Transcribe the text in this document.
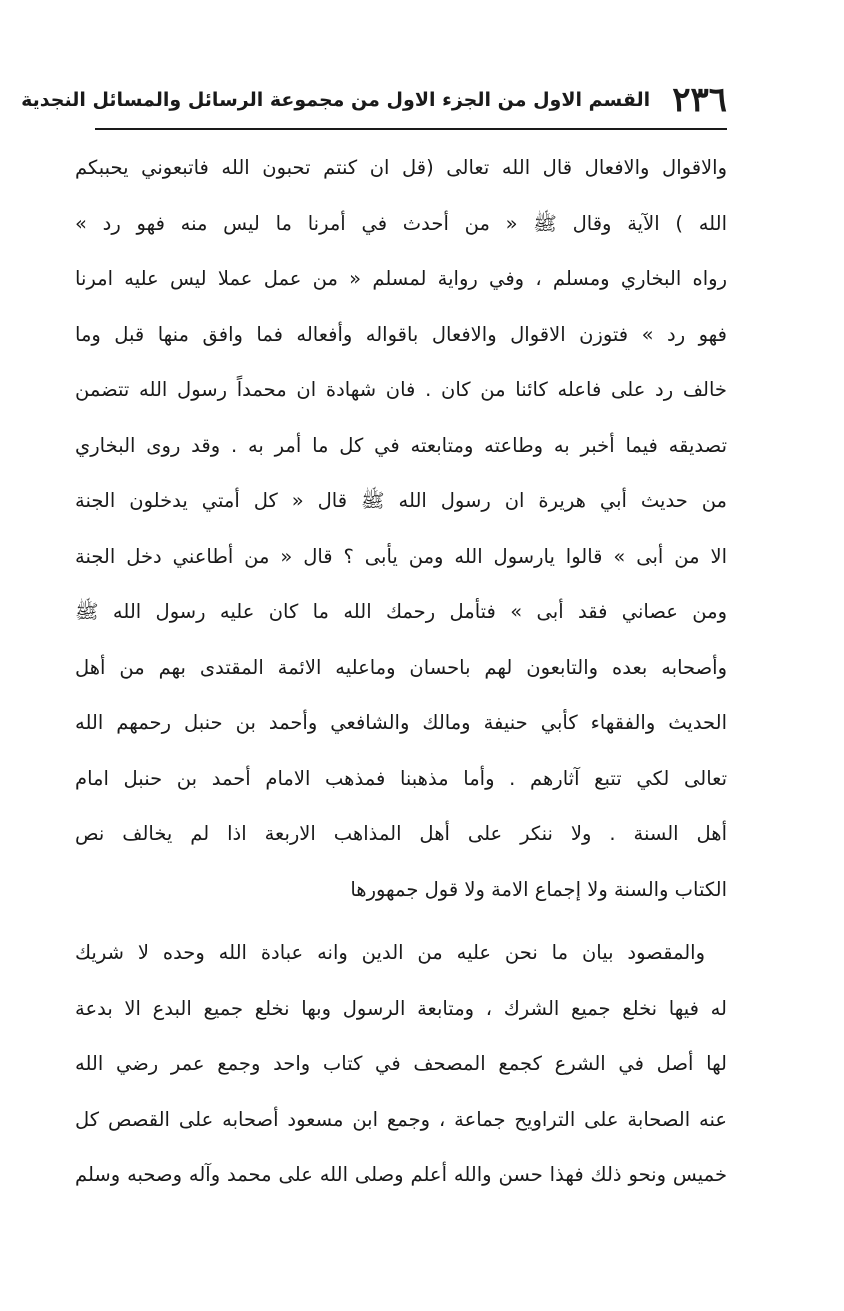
٢٣٦
القسم الاول من الجزء الاول من مجموعة الرسائل والمسائل النجدية
والاقوال والافعال قال الله تعالى (قل ان كنتم تحبون الله فاتبعوني يحببكم
الله ) الآية وقال ﷺ « من أحدث في أمرنا ما ليس منه فهو رد »
رواه البخاري ومسلم ، وفي رواية لمسلم « من عمل عملا ليس عليه امرنا
فهو رد » فتوزن الاقوال والافعال باقواله وأفعاله فما وافق منها قبل وما
خالف رد على فاعله كائنا من كان . فان شهادة ان محمداً رسول الله تتضمن
تصديقه فيما أخبر به وطاعته ومتابعته في كل ما أمر به . وقد روى البخاري
من حديث أبي هريرة ان رسول الله ﷺ قال « كل أمتي يدخلون الجنة
الا من أبى » قالوا يارسول الله ومن يأبى ؟ قال « من أطاعني دخل الجنة
ومن عصاني فقد أبى » فتأمل رحمك الله ما كان عليه رسول الله ﷺ
وأصحابه بعده والتابعون لهم باحسان وماعليه الائمة المقتدى بهم من أهل
الحديث والفقهاء كأبي حنيفة ومالك والشافعي وأحمد بن حنبل رحمهم الله
تعالى لكي تتبع آثارهم . وأما مذهبنا فمذهب الامام أحمد بن حنبل امام
أهل السنة . ولا ننكر على أهل المذاهب الاربعة اذا لم يخالف نص
الكتاب والسنة ولا إجماع الامة ولا قول جمهورها
والمقصود بيان ما نحن عليه من الدين وانه عبادة الله وحده لا شريك
له فيها نخلع جميع الشرك ، ومتابعة الرسول وبها نخلع جميع البدع الا بدعة
لها أصل في الشرع كجمع المصحف في كتاب واحد وجمع عمر رضي الله
عنه الصحابة على التراويح جماعة ، وجمع ابن مسعود أصحابه على القصص كل
خميس ونحو ذلك فهذا حسن والله أعلم وصلى الله على محمد وآله وصحبه وسلم
